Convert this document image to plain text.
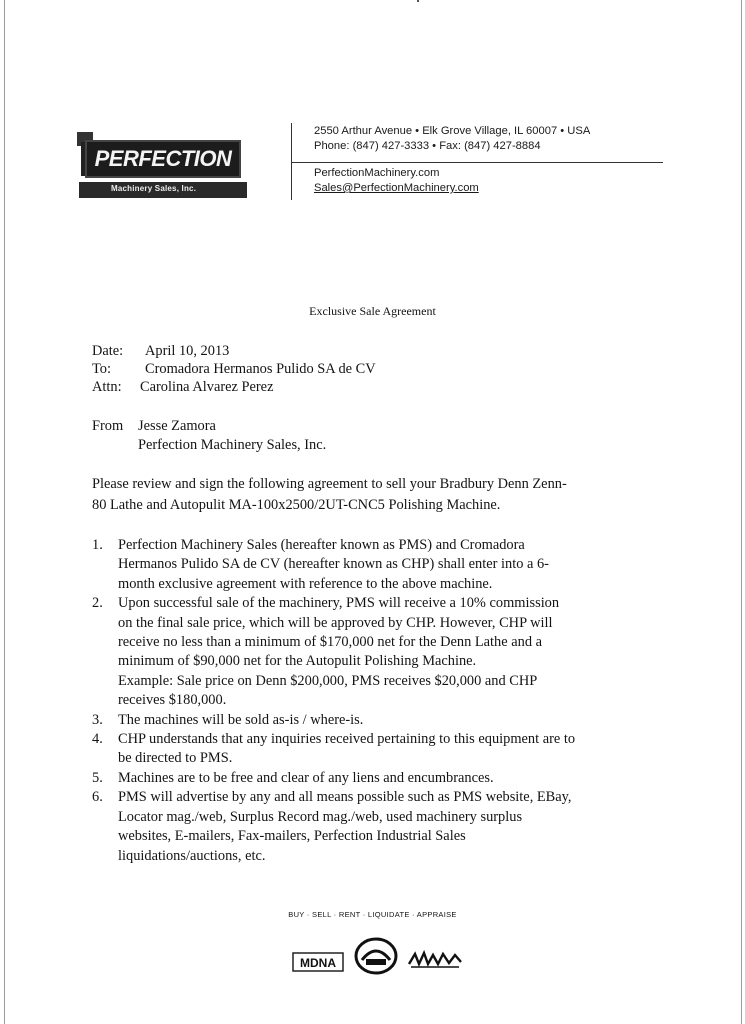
PERFECTION
Machinery Sales, Inc.
2550 Arthur Avenue • Elk Grove Village, IL 60007 • USA
Phone: (847) 427-3333 • Fax: (847) 427-8884
PerfectionMachinery.com
Sales@PerfectionMachinery.com
Exclusive Sale Agreement
Date: April 10, 2013
To: Cromadora Hermanos Pulido SA de CV
Attn: Carolina Alvarez Perez
From Jesse Zamora
Perfection Machinery Sales, Inc.
Please review and sign the following agreement to sell your Bradbury Denn Zenn-
80 Lathe and Autopulit MA-100x2500/2UT-CNC5 Polishing Machine.
1.	Perfection Machinery Sales (hereafter known as PMS) and Cromadora
Hermanos Pulido SA de CV (hereafter known as CHP) shall enter into a 6-
month exclusive agreement with reference to the above machine.
2.	Upon successful sale of the machinery, PMS will receive a 10% commission
on the final sale price, which will be approved by CHP. However, CHP will
receive no less than a minimum of $170,000 net for the Denn Lathe and a
minimum of $90,000 net for the Autopulit Polishing Machine.
Example: Sale price on Denn $200,000, PMS receives $20,000 and CHP
receives $180,000.
3.	The machines will be sold as-is / where-is.
4.	CHP understands that any inquiries received pertaining to this equipment are to
be directed to PMS.
5.	Machines are to be free and clear of any liens and encumbrances.
6.	PMS will advertise by any and all means possible such as PMS website, EBay,
Locator mag./web, Surplus Record mag./web, used machinery surplus
websites, E-mailers, Fax-mailers, Perfection Industrial Sales
liquidations/auctions, etc.
BUY · SELL · RENT · LIQUIDATE · APPRAISE
MDNA
